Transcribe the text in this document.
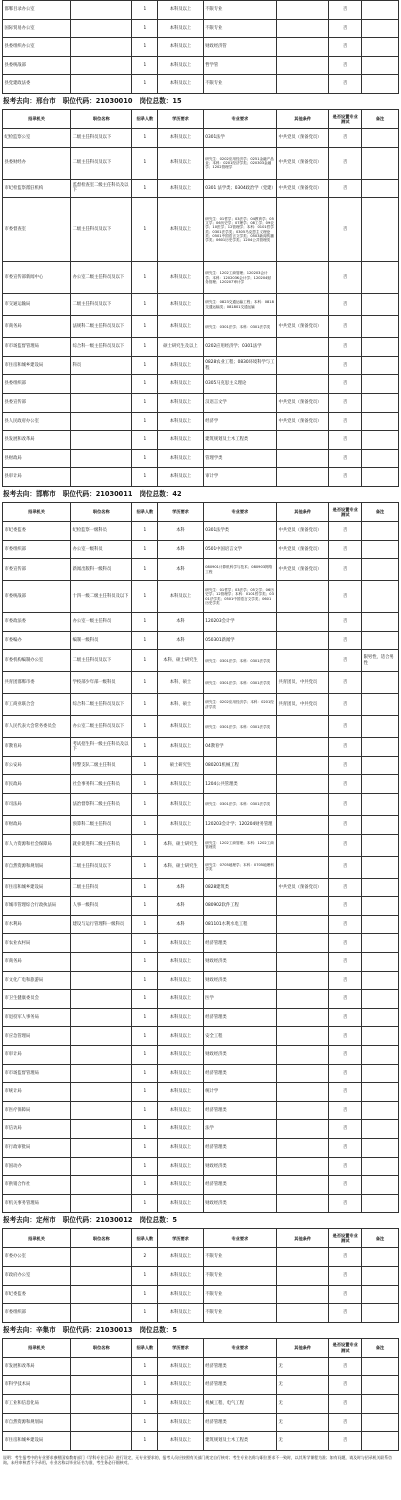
邯郸目录办公室		1	本科及以上	不限专业		否	
国际贸易办公室		1	本科及以上	不限专业		否	
县委组织办公室		1	本科及以上	财政经济管		否	
县委统战部		1	本科及以上	哲学管		否	
县党建政法委		1	本科及以上	不限专业		否	
报考去向：邢台市 职位代码：21030010 岗位总数：15
招录机关	职位名称	招录人数	学历要求	专业要求	其他条件	是否设置专业测试	备注
纪检监察公室	二级主任科员及以下	1	本科及以上	0301法学	中共党员（预备党员）	否	
县委财经办	二级主任科员及以下	1	本科及以上	研究生：0202应用经济学；0251金融产品业；本科：0201经济学类；020303金融学；1202管理学	中共党员（预备党员）	否	
市纪检监察派驻机构	监督检查室二级主任科员及以下	1	本科及以上	0301 法学类；0304政治学（党建）	中共党员（预备党员）	否	
市委督查室	二级主任科员及以下	1	本科及以上	研究生：01哲学；03法学；04教育学；05文学；06历史学；07理学；08工学；09农学；10医学；12管理学；本科：0101哲学类；0301法学类；0305马克思主义理论类；0501中国语言文学类；0503新闻传播学类；0601历史学类；1204公共管理类		否	
市委宣传部新闻中心	办公室二级主任科员及以下	1	本科及以上	研究生：1202工商管理；120203会计学；本科：120203K会计学；120204财务管理；120207审计学		否	
市交通运输局	二级主任科员及以下	1	本科及以上	研究生：0823交通运输工程；本科：0818交通运输类；081801交通运输		否	
市商务局	法规科二级主任科员及以下	1	本科及以上	研究生：0301法学；本科：0301法学类	中共党员（预备党员）	否	
市市场监督管理局	综合科一级主任科员及以下	1	硕士研究生及以上	0202应用经济学；0301法学		否	
市住房和城乡建设局	科员	1	本科及以上	0828农业工程；0830环境科学与工程		否	
县委组织部		1	本科及以上	0305马克思主义理论		否	
县委宣传部		1	本科及以上	汉语言文学	中共党员（预备党员）	否	
县人民政府办公室		1	本科及以上	经济学	中共党员（预备党员）	否	
县发展和改革局		1	本科及以上	建筑规划及土木工程类		否	
县财政局		1	本科及以上	管理学类		否	
县审计局		1	本科及以上	审计学		否	
报考去向：邯郸市 职位代码：21030011 岗位总数：42
招录机关	职位名称	招录人数	学历要求	专业要求	其他条件	是否设置专业测试	备注
市纪委监委	纪检监察一级科员	1	本科	0301法学类	中共党员（预备党员）	否	
市委组织部	办公室一级科员	1	本科	0501中国语言文学	中共党员（预备党员）	否	
市委宣传部	新闻出版科一级科员	1	本科	080901计算机科学与技术；080903网络工程	中共党员（预备党员）	否	
市委统战部	十四一级二级主任科员及以下	1	本科及以上	研究生：01哲学；03法学；05文学；06历史学；12管理学；本科：0101哲学类；0301法学类；0501中国语言文学类；0601历史学类		否	
市委政法委	办公室一级主任科员	1	本科	120203会计学		否	
市委编办	编制一级科员	1	本科	050301新闻学		否	
市委机构编制办公室	二级主任科员及以下	1	本科、硕士研究生	研究生：0301法学；本科：0301法学类		否	限男性，适合男性
共青团邯郸市委	学校部少年部一级科员	1	本科、硕士	研究生：0301法学；本科：0301法学类	共青团员、中共党员	否	
市工商业联合会	综合科二级主任科员及以下	1	本科、硕士	研究生：0202应用经济学；本科：0201经济学类	共青团员、中共党员	否	
市人民代表大会常务委员会	办公室二级主任科员及以下	1	本科及以上	研究生：0301法学；本科：0301法学类		否	
市教育局	考试招生科一级主任科员及以下	1	本科及以上	04教育学		否	
市公安局	特警支队二级主任科员	1	硕士研究生	080201机械工程		否	
市民政局	社会事务科二级主任科员	1	本科及以上	1204公共管理类		否	
市司法局	法治督察科二级主任科员	1	本科及以上	研究生：0301法学；本科：0301法学类		否	
市财政局	预算科二级主任科员	1	本科及以上	120203会计学；120204财务管理		否	
市人力资源和社会保障局	就业促进科二级主任科员	1	本科、硕士研究生	研究生：1202工商管理；本科：1202工商管理类		否	
市自然资源和规划局	二级主任科员及以下	1	本科、硕士研究生	研究生：0705地理学；本科：0705地理科学类		否	
市住房和城乡建设局	二级主任科员	1	本科	0828建筑类	中共党员（预备党员）	否	
市城市管理综合行政执法局	人事一级科员	1	本科	080902软件工程		否	
市水利局	建设与运行管理科一级科员	1	本科	081101水利水电工程		否	
市农业农村局		1	本科及以上	经济管理类		否	
市商务局		1	本科及以上	财政经济类		否	
市文化广电和旅游局		1	本科及以上	财政经济类		否	
市卫生健康委员会		1	本科及以上	医学		否	
市退役军人事务局		1	本科及以上	经济管理类		否	
市应急管理局		1	本科及以上	安全工程		否	
市审计局		1	本科及以上	财政经济类		否	
市市场监督管理局		1	本科及以上	经济管理类		否	
市统计局		1	本科及以上	统计学		否	
市医疗保障局		1	本科及以上	经济管理类		否	
市信访局		1	本科及以上	法学		否	
市行政审批局		1	本科及以上	经济管理类		否	
市国动办		1	本科及以上	财政经济类		否	
市供销合作社		1	本科及以上	经济管理类		否	
市机关事务管理局		1	本科及以上	财政经济类		否	
报考去向：定州市 职位代码：21030012 岗位总数：5
招录机关	职位名称	招录人数	学历要求	专业要求	其他条件	是否设置专业测试	备注
市委办公室		2	本科及以上	不限专业		否	
市政府办公室		1	本科及以上	不限专业		否	
市纪委监委		1	本科及以上	不限专业		否	
市委组织部		1	本科及以上	不限专业		否	
报考去向：辛集市 职位代码：21030013 岗位总数：5
招录机关	职位名称	招录人数	学历要求	专业要求	其他条件	是否设置专业测试	备注
市发展和改革局		1	本科及以上	经济管理类	无	否	
市科学技术局		1	本科及以上	经济管理类	无	否	
市工业和信息化局		1	本科及以上	机械工程、电气工程	无	否	
市自然资源和规划局		1	本科及以上	经济管理类	无	否	
市住房和城乡建设局		1	本科及以上	建筑规划及土木工程类	无	否	
说明：考生报考中的专业要求参照国家教育部门《学科专业目录》进行设定，无专业要求的，报考人员应按照有关部门规定自行核对；考生专业名称与职位要求不一致时，以其所学课程为准；如有问题，请及时与招录机关联系咨询。未经审核者不予录用。专业名称以毕业证书为准，考生务必仔细核对。
